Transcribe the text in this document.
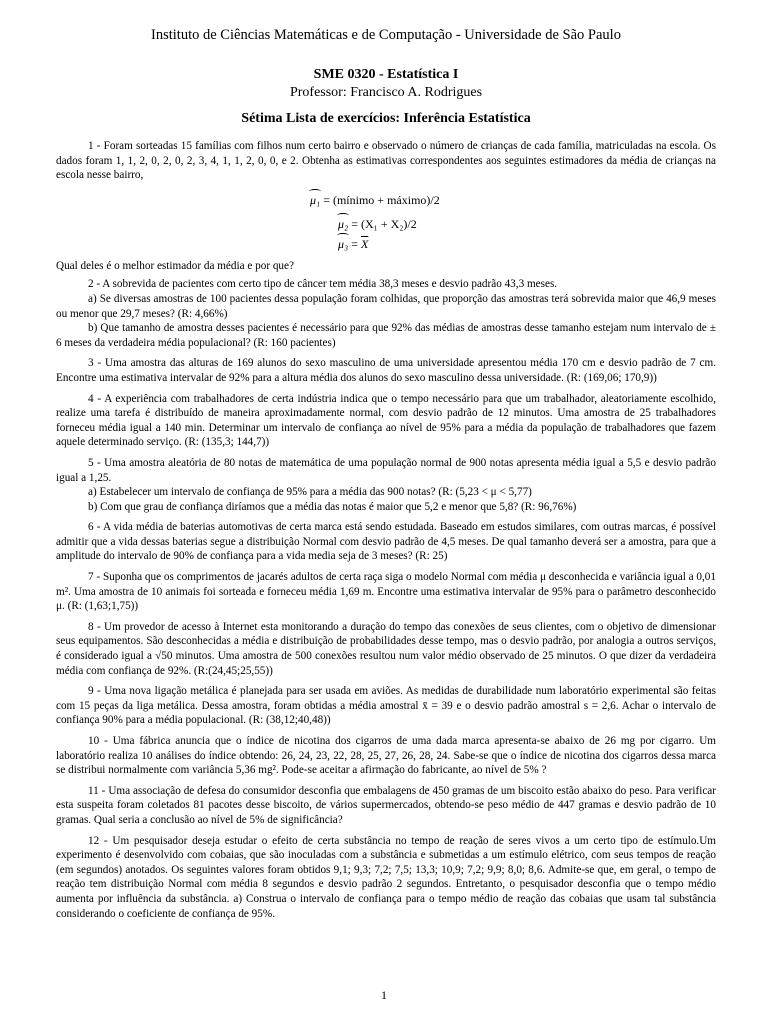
Instituto de Ciências Matemáticas e de Computação - Universidade de São Paulo
SME 0320 - Estatística I
Professor: Francisco A. Rodrigues
Sétima Lista de exercícios: Inferência Estatística

1 - Foram sorteadas 15 famílias com filhos num certo bairro e observado o número de crianças de cada família, matriculadas na escola. Os dados foram 1, 1, 2, 0, 2, 0, 2, 3, 4, 1, 1, 2, 0, 0, e 2. Obtenha as estimativas correspondentes aos seguintes estimadores da média de crianças na escola nesse bairro,

μ₁ = (mínimo + máximo)/2
μ₂ = (X₁ + X₂)/2
$\mu_3 = \overline{X}$

Qual deles é o melhor estimador da média e por que?

2 - A sobrevida de pacientes com certo tipo de câncer tem média 38,3 meses e desvio padrão 43,3 meses.

a) Se diversas amostras de 100 pacientes dessa população foram colhidas, que proporção das amostras terá sobrevida maior que 46,9 meses ou menor que 29,7 meses? (R: 4,66%)

b) Que tamanho de amostra desses pacientes é necessário para que 92% das médias de amostras desse tamanho estejam num intervalo de ± 6 meses da verdadeira média populacional? (R: 160 pacientes)

3 - Uma amostra das alturas de 169 alunos do sexo masculino de uma universidade apresentou média 170 cm e desvio padrão de 7 cm. Encontre uma estimativa intervalar de 92% para a altura média dos alunos do sexo masculino dessa universidade. (R: (169,06; 170,9))

4 - A experiência com trabalhadores de certa indústria indica que o tempo necessário para que um trabalhador, aleatoriamente escolhido, realize uma tarefa é distribuído de maneira aproximadamente normal, com desvio padrão de 12 minutos. Uma amostra de 25 trabalhadores forneceu média igual a 140 min. Determinar um intervalo de confiança ao nível de 95% para a média da população de trabalhadores que fazem aquele determinado serviço. (R: (135,3; 144,7))

5 - Uma amostra aleatória de 80 notas de matemática de uma população normal de 900 notas apresenta média igual a 5,5 e desvio padrão igual a 1,25.

a) Estabelecer um intervalo de confiança de 95% para a média das 900 notas? (R: (5,23 < μ < 5,77)

b) Com que grau de confiança diríamos que a média das notas é maior que 5,2 e menor que 5,8? (R: 96,76%)

6 - A vida média de baterias automotivas de certa marca está sendo estudada. Baseado em estudos similares, com outras marcas, é possível admitir que a vida dessas baterias segue a distribuição Normal com desvio padrão de 4,5 meses. De qual tamanho deverá ser a amostra, para que a amplitude do intervalo de 90% de confiança para a vida media seja de 3 meses? (R: 25)

7 - Suponha que os comprimentos de jacarés adultos de certa raça siga o modelo Normal com média μ desconhecida e variância igual a 0,01 m². Uma amostra de 10 animais foi sorteada e forneceu média 1,69 m. Encontre uma estimativa intervalar de 95% para o parâmetro desconhecido μ. (R: (1,63;1,75))

8 - Um provedor de acesso à Internet esta monitorando a duração do tempo das conexões de seus clientes, com o objetivo de dimensionar seus equipamentos. São desconhecidas a média e distribuição de probabilidades desse tempo, mas o desvio padrão, por analogia a outros serviços, é considerado igual a √50 minutos. Uma amostra de 500 conexões resultou num valor médio observado de 25 minutos. O que dizer da verdadeira média com confiança de 92%. (R:(24,45;25,55))

9 - Uma nova ligação metálica é planejada para ser usada em aviões. As medidas de durabilidade num laboratório experimental são feitas com 15 peças da liga metálica. Dessa amostra, foram obtidas a média amostral x̄ = 39 e o desvio padrão amostral s = 2,6. Achar o intervalo de confiança 90% para a média populacional. (R: (38,12;40,48))

10 - Uma fábrica anuncia que o índice de nicotina dos cigarros de uma dada marca apresenta-se abaixo de 26 mg por cigarro. Um laboratório realiza 10 análises do índice obtendo: 26, 24, 23, 22, 28, 25, 27, 26, 28, 24. Sabe-se que o índice de nicotina dos cigarros dessa marca se distribui normalmente com variância 5,36 mg². Pode-se aceitar a afirmação do fabricante, ao nível de 5% ?

11 - Uma associação de defesa do consumidor desconfia que embalagens de 450 gramas de um biscoito estão abaixo do peso. Para verificar esta suspeita foram coletados 81 pacotes desse biscoito, de vários supermercados, obtendo-se peso médio de 447 gramas e desvio padrão de 10 gramas. Qual seria a conclusão ao nível de 5% de significância?

12 - Um pesquisador deseja estudar o efeito de certa substância no tempo de reação de seres vivos a um certo tipo de estímulo.Um experimento é desenvolvido com cobaias, que são inoculadas com a substância e submetidas a um estímulo elétrico, com seus tempos de reação (em segundos) anotados. Os seguintes valores foram obtidos 9,1; 9,3; 7,2; 7,5; 13,3; 10,9; 7,2; 9,9; 8,0; 8,6. Admite-se que, em geral, o tempo de reação tem distribuição Normal com média 8 segundos e desvio padrão 2 segundos. Entretanto, o pesquisador desconfia que o tempo médio aumenta por influência da substância. a) Construa o intervalo de confiança para o tempo médio de reação das cobaias que usam tal substância considerando o coeficiente de confiança de 95%.

1
